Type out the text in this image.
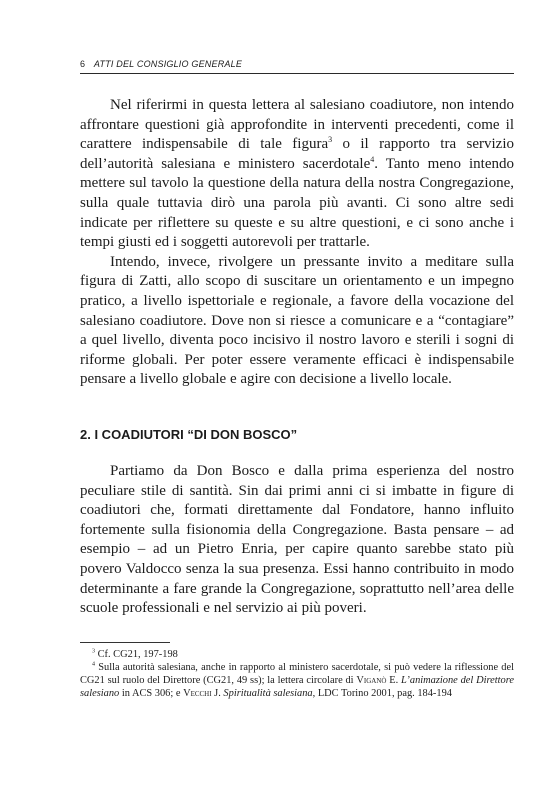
6 ATTI DEL CONSIGLIO GENERALE

Nel riferirmi in questa lettera al salesiano coadiutore, non intendo affrontare questioni già approfondite in interventi precedenti, come il carattere indispensabile di tale figura$^3$ o il rapporto tra servizio dell’autorità salesiana e ministero sacerdotale$^4$. Tanto meno intendo mettere sul tavolo la questione della natura della nostra Congregazione, sulla quale tuttavia dirò una parola più avanti. Ci sono altre sedi indicate per riflettere su queste e su altre questioni, e ci sono anche i tempi giusti ed i soggetti autorevoli per trattarle.

Intendo, invece, rivolgere un pressante invito a meditare sulla figura di Zatti, allo scopo di suscitare un orientamento e un impegno pratico, a livello ispettoriale e regionale, a favore della vocazione del salesiano coadiutore. Dove non si riesce a comunicare e a “contagiare” a quel livello, diventa poco incisivo il nostro lavoro e sterili i sogni di riforme globali. Per poter essere veramente efficaci è indispensabile pensare a livello globale e agire con decisione a livello locale.

2. I COADIUTORI “DI DON BOSCO”

Partiamo da Don Bosco e dalla prima esperienza del nostro peculiare stile di santità. Sin dai primi anni ci si imbatte in figure di coadiutori che, formati direttamente dal Fondatore, hanno influito fortemente sulla fisionomia della Congregazione. Basta pensare – ad esempio – ad un Pietro Enria, per capire quanto sarebbe stato più povero Valdocco senza la sua presenza. Essi hanno contribuito in modo determinante a fare grande la Congregazione, soprattutto nell’area delle scuole professionali e nel servizio ai più poveri.

$^3$ Cf. CG21, 197-198

$^4$ Sulla autorità salesiana, anche in rapporto al ministero sacerdotale, si può vedere la riflessione del CG21 sul ruolo del Direttore (CG21, 49 ss); la lettera circolare di Viganò E. L’animazione del Direttore salesiano in ACS 306; e Vecchi J. Spiritualità salesiana, LDC Torino 2001, pag. 184-194
